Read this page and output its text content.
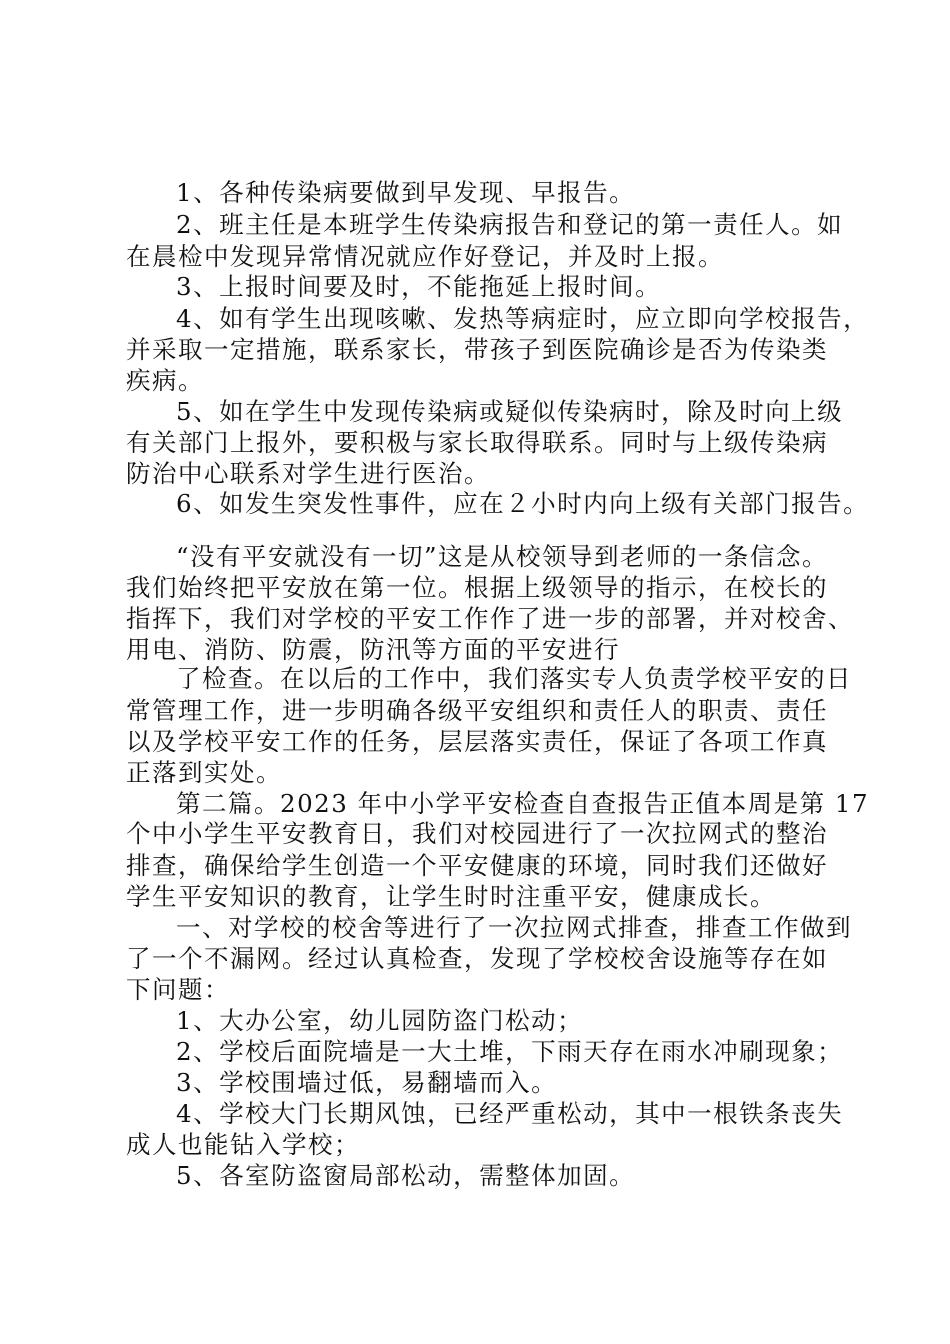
1、各种传染病要做到早发现、早报告。
2、班主任是本班学生传染病报告和登记的第一责任人。如
在晨检中发现异常情况就应作好登记，并及时上报。
3、上报时间要及时，不能拖延上报时间。
4、如有学生出现咳嗽、发热等病症时，应立即向学校报告，
并采取一定措施，联系家长，带孩子到医院确诊是否为传染类
疾病。
5、如在学生中发现传染病或疑似传染病时，除及时向上级
有关部门上报外，要积极与家长取得联系。同时与上级传染病
防治中心联系对学生进行医治。
6、如发生突发性事件，应在２小时内向上级有关部门报告。
“没有平安就没有一切”这是从校领导到老师的一条信念。
我们始终把平安放在第一位。根据上级领导的指示，在校长的
指挥下，我们对学校的平安工作作了进一步的部署，并对校舍、
用电、消防、防震，防汛等方面的平安进行
了检查。在以后的工作中，我们落实专人负责学校平安的日
常管理工作，进一步明确各级平安组织和责任人的职责、责任
以及学校平安工作的任务，层层落实责任，保证了各项工作真
正落到实处。
第二篇。2023 年中小学平安检查自查报告正值本周是第 17
个中小学生平安教育日，我们对校园进行了一次拉网式的整治
排查，确保给学生创造一个平安健康的环境，同时我们还做好
学生平安知识的教育，让学生时时注重平安，健康成长。
一、对学校的校舍等进行了一次拉网式排查，排查工作做到
了一个不漏网。经过认真检查，发现了学校校舍设施等存在如
下问题：
1、大办公室，幼儿园防盗门松动；
2、学校后面院墙是一大土堆，下雨天存在雨水冲刷现象；
3、学校围墙过低，易翻墙而入。
4、学校大门长期风蚀，已经严重松动，其中一根铁条丧失
成人也能钻入学校；
5、各室防盗窗局部松动，需整体加固。
